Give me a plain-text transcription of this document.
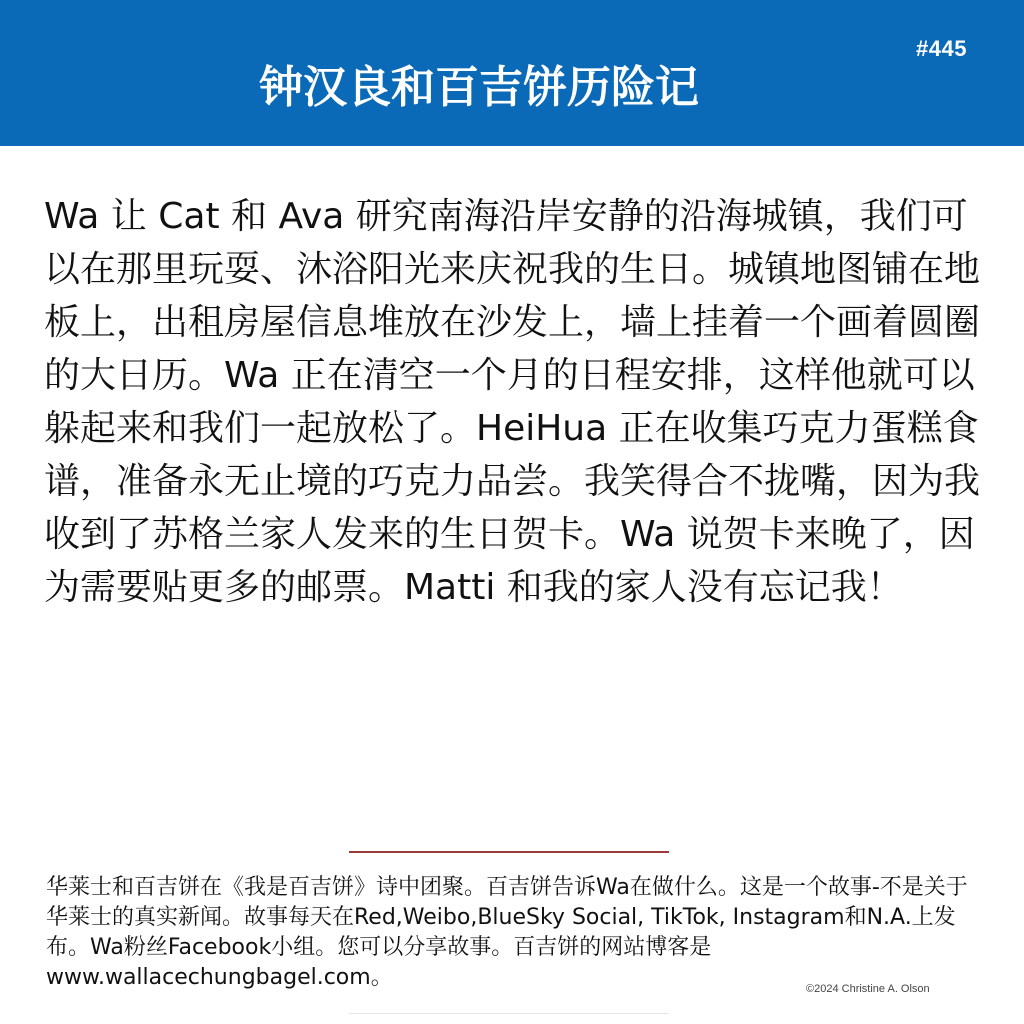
#445
钟汉良和百吉饼历险记

Wa 让 Cat 和 Ava 研究南海沿岸安静的沿海城镇，我们可以在那里玩耍、沐浴阳光来庆祝我的生日。城镇地图铺在地板上，出租房屋信息堆放在沙发上，墙上挂着一个画着圆圈的大日历。Wa 正在清空一个月的日程安排，这样他就可以躲起来和我们一起放松了。HeiHua 正在收集巧克力蛋糕食谱，准备永无止境的巧克力品尝。我笑得合不拢嘴，因为我收到了苏格兰家人发来的生日贺卡。Wa 说贺卡来晚了，因为需要贴更多的邮票。Matti 和我的家人没有忘记我！

华莱士和百吉饼在《我是百吉饼》诗中团聚。百吉饼告诉Wa在做什么。这是一个故事-不是关于华莱士的真实新闻。故事每天在Red,Weibo,BlueSky Social, TikTok, Instagram和N.A.上发布。Wa粉丝Facebook小组。您可以分享故事。百吉饼的网站博客是www.wallacechungbagel.com。	©2024 Christine A. Olson
